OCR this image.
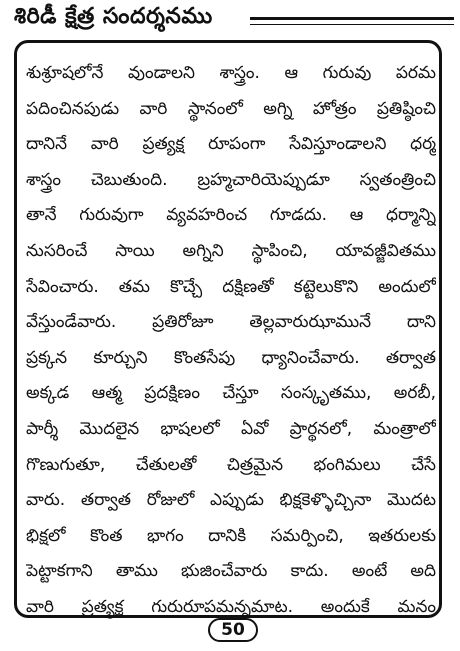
శిరిడీ క్షేత్ర సందర్శనము
శుశ్రూషలోనే వుండాలని శాస్త్రం. ఆ గురువు పరమ
పదించినపుడు వారి స్థానంలో అగ్ని హోత్రం ప్రతిష్ఠించి
దానినే వారి ప్రత్యక్ష రూపంగా సేవిస్తూండాలని ధర్మ
శాస్త్రం చెబుతుంది. బ్రహ్మచారియెప్పుడూ స్వతంత్రించి
తానే గురువుగా వ్యవహరించ గూడదు. ఆ ధర్మాన్ని
నుసరించే సాయి అగ్నిని స్థాపించి, యావజ్జీవితము
సేవించారు. తమ కొచ్చే దక్షిణతో కట్టెలుకొని అందులో
వేస్తుండేవారు. ప్రతిరోజూ తెల్లవారుఝామునే దాని
ప్రక్కన కూర్చుని కొంతసేపు ధ్యానించేవారు. తర్వాత
అక్కడ ఆత్మ ప్రదక్షిణం చేస్తూ సంస్కృతము, అరబీ,
పార్శీ మొదలైన భాషలలో ఏవో ప్రార్థనలో, మంత్రాలో
గొణుగుతూ, చేతులతో చిత్రమైన భంగిమలు చేసే
వారు. తర్వాత రోజులో ఎప్పుడు భిక్షకెళ్ళొచ్చినా మొదట
భిక్షలో కొంత భాగం దానికి సమర్పించి, ఇతరులకు
పెట్టాకగాని తాము భుజించేవారు కాదు. అంటే అది
వారి ప్రత్యక్ష గురురూపమన్నమాట. అందుకే మనం
50
